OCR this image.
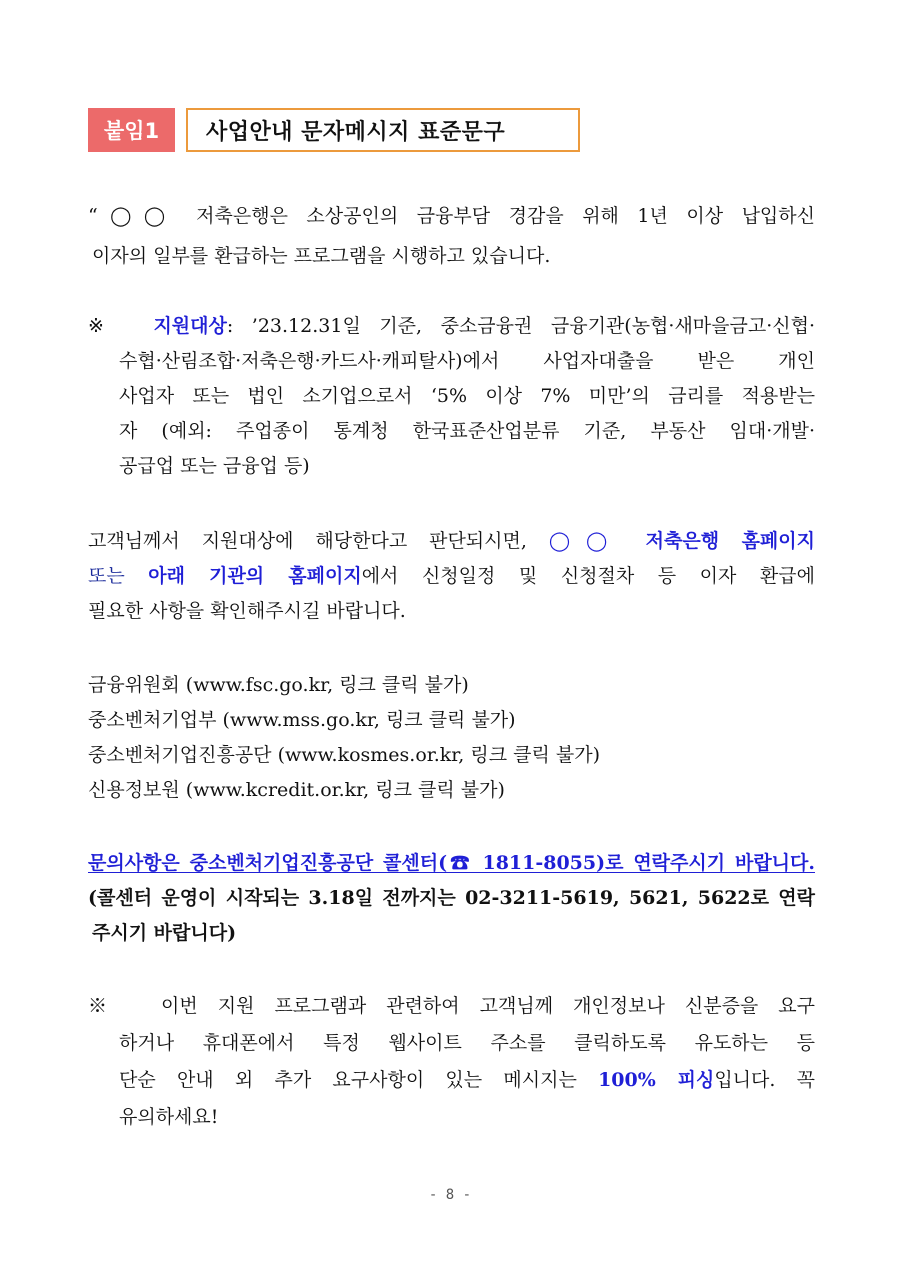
붙임1	사업안내 문자메시지 표준문구
“◯◯ 저축은행은 소상공인의 금융부담 경감을 위해 1년 이상 납입하신
이자의 일부를 환급하는 프로그램을 시행하고 있습니다.
※ 지원대상: ’23.12.31일 기준, 중소금융권 금융기관(농협·새마을금고·신협·
수협·산림조합·저축은행·카드사·캐피탈사)에서 사업자대출을 받은 개인
사업자 또는 법인 소기업으로서 ‘5% 이상 7% 미만’의 금리를 적용받는
자 (예외: 주업종이 통계청 한국표준산업분류 기준, 부동산 임대·개발·
공급업 또는 금융업 등)
고객님께서 지원대상에 해당한다고 판단되시면, ◯◯ 저축은행 홈페이지
또는 아래 기관의 홈페이지에서 신청일정 및 신청절차 등 이자 환급에
필요한 사항을 확인해주시길 바랍니다.
금융위원회 (www.fsc.go.kr, 링크 클릭 불가)
중소벤처기업부 (www.mss.go.kr, 링크 클릭 불가)
중소벤처기업진흥공단 (www.kosmes.or.kr, 링크 클릭 불가)
신용정보원 (www.kcredit.or.kr, 링크 클릭 불가)
문의사항은 중소벤처기업진흥공단 콜센터(☎ 1811-8055)로 연락주시기 바랍니다.
(콜센터 운영이 시작되는 3.18일 전까지는 02-3211-5619, 5621, 5622로 연락
주시기 바랍니다)
※ 이번 지원 프로그램과 관련하여 고객님께 개인정보나 신분증을 요구
하거나 휴대폰에서 특정 웹사이트 주소를 클릭하도록 유도하는 등
단순 안내 외 추가 요구사항이 있는 메시지는 100% 피싱입니다. 꼭
유의하세요!
- 8 -
